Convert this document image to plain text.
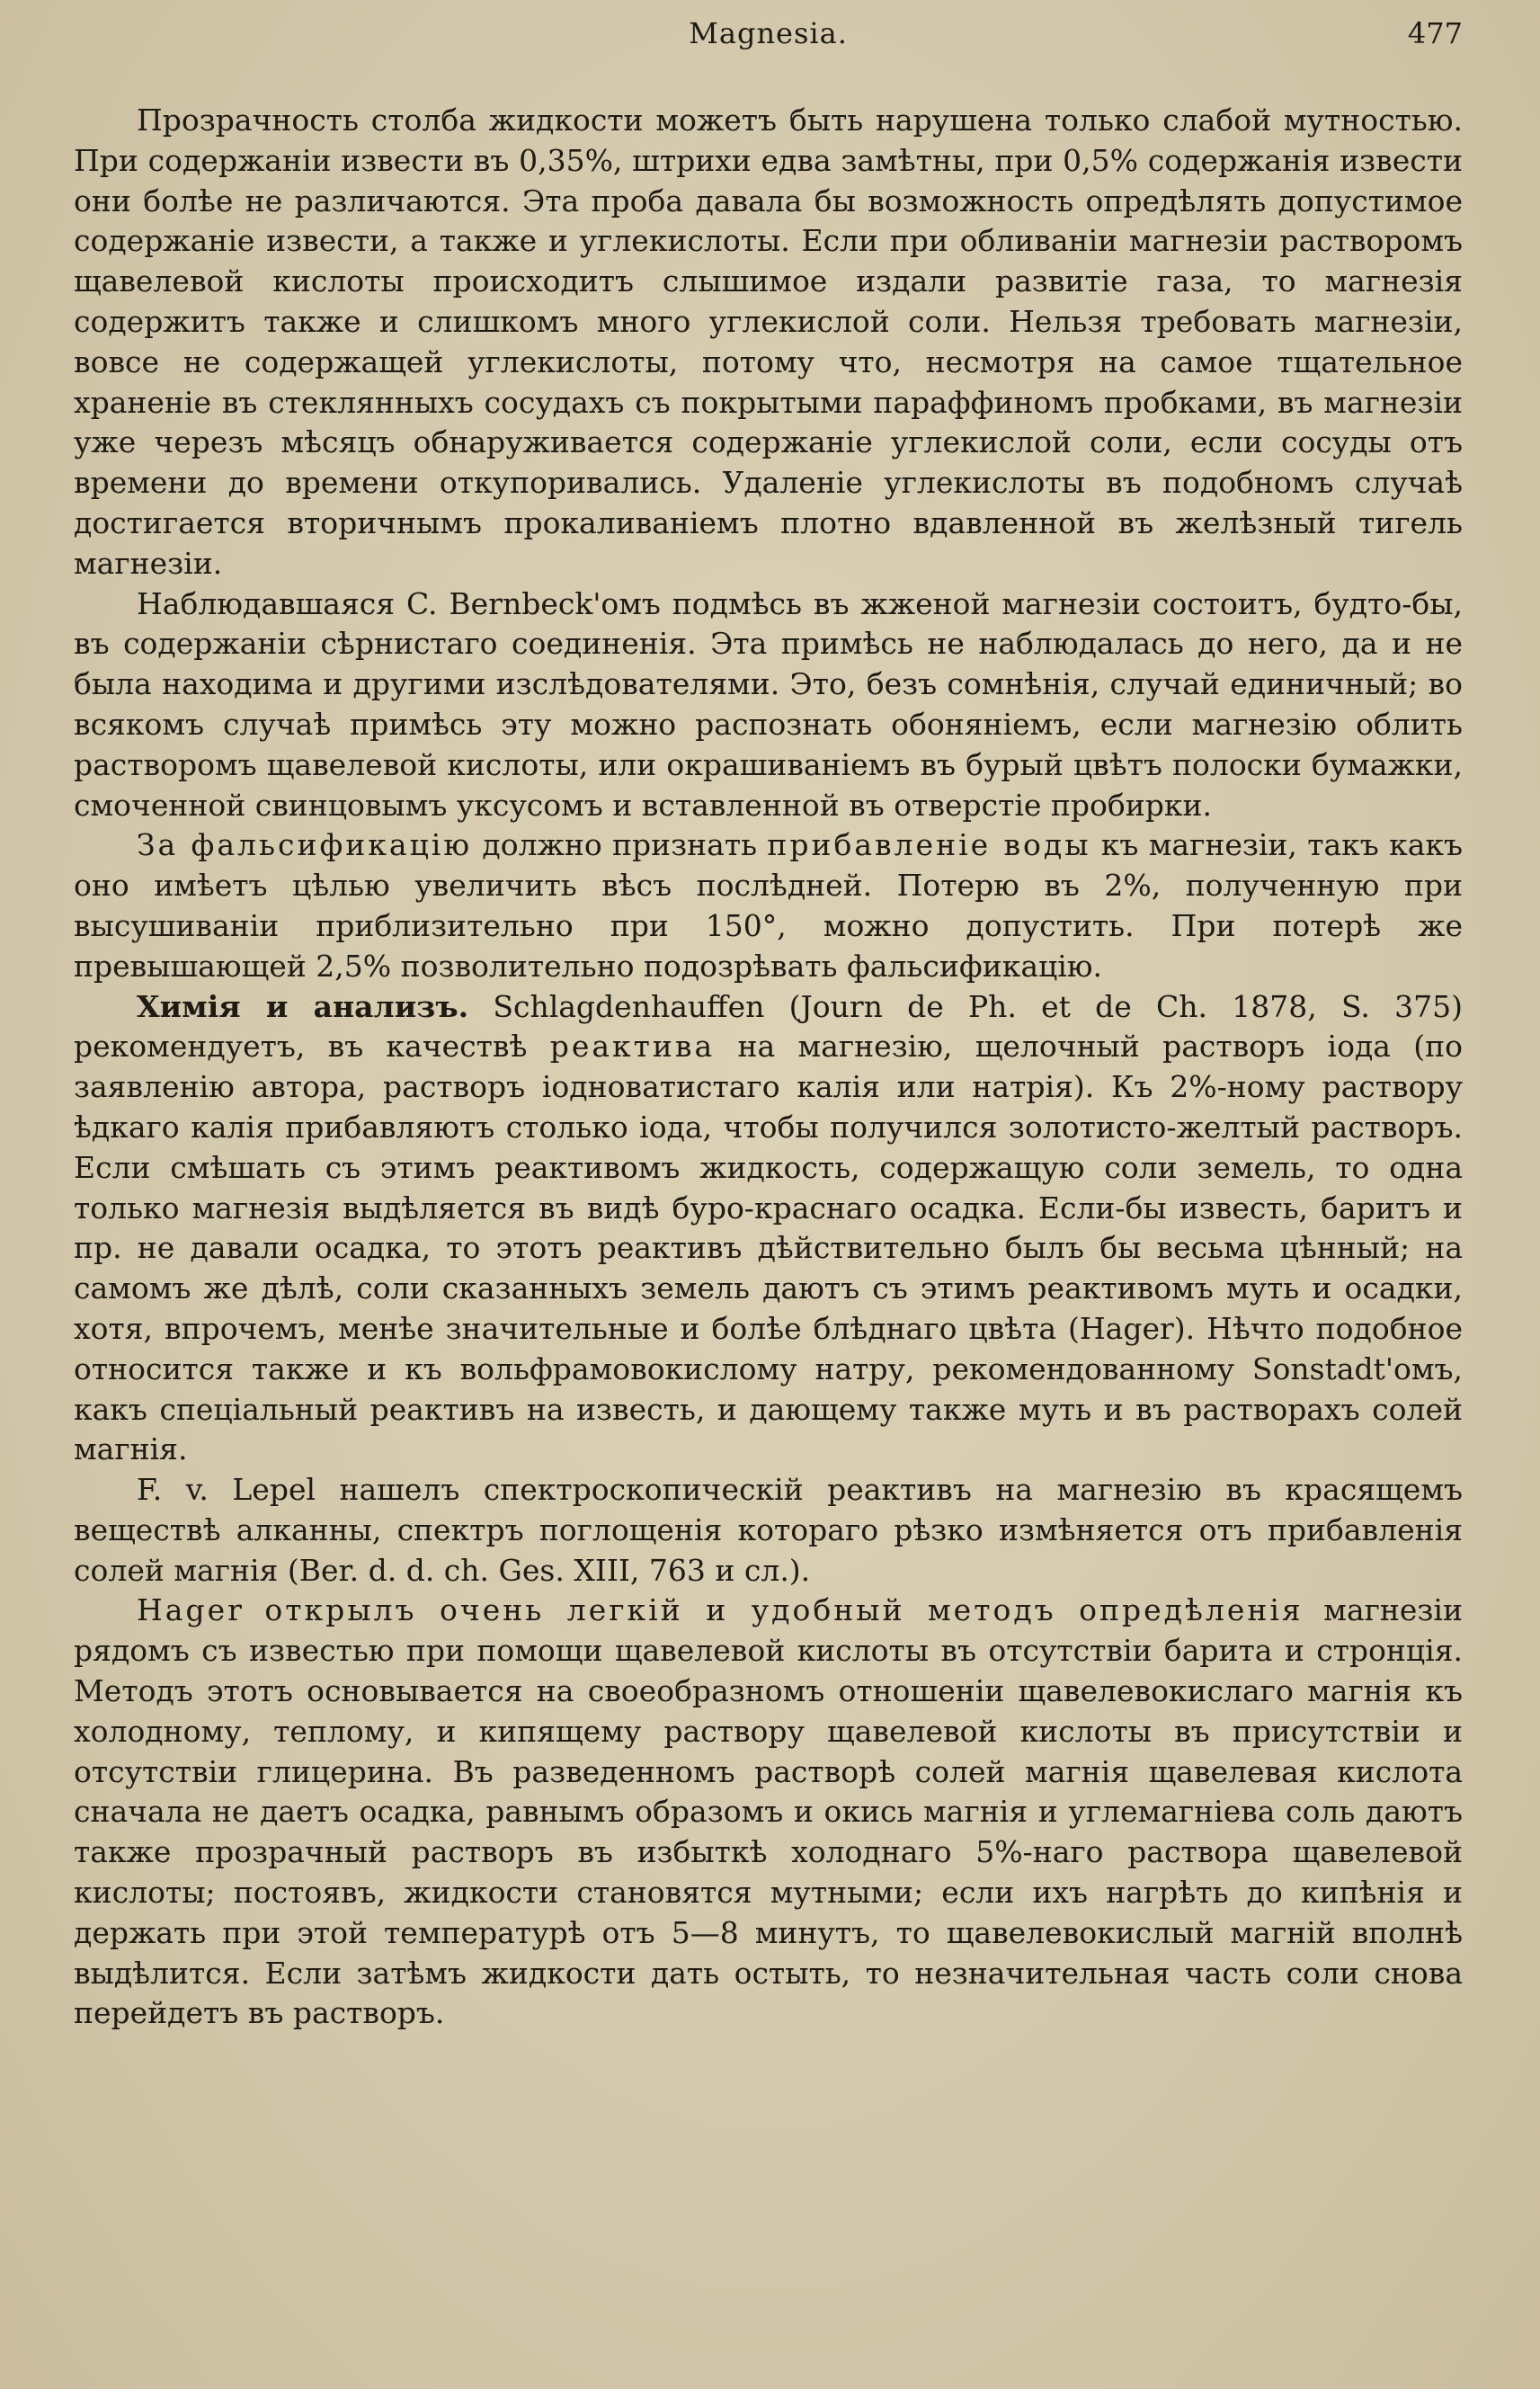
Magnesia.	477

Прозрачность столба жидкости можетъ быть нарушена только слабой мутностью. При содержаніи извести въ 0,35%, штрихи едва замѣтны, при 0,5% содержанія извести они болѣе не различаются. Эта проба давала бы возможность опредѣлять допустимое содержаніе извести, а также и углекислоты. Если при обливаніи магнезіи растворомъ щавелевой кислоты происходитъ слышимое издали развитіе газа, то магнезія содержитъ также и слишкомъ много углекислой соли. Нельзя требовать магнезіи, вовсе не содержащей углекислоты, потому что, несмотря на самое тщательное храненіе въ стеклянныхъ сосудахъ съ покрытыми параффиномъ пробками, въ магнезіи уже черезъ мѣсяцъ обнаруживается содержаніе углекислой соли, если сосуды отъ времени до времени откупоривались. Удаленіе углекислоты въ подобномъ случаѣ достигается вторичнымъ прокаливаніемъ плотно вдавленной въ желѣзный тигель магнезіи.

Наблюдавшаяся C. Bernbeck'омъ подмѣсь въ жженой магнезіи состоитъ, будто-бы, въ содержаніи сѣрнистаго соединенія. Эта примѣсь не наблюдалась до него, да и не была находима и другими изслѣдователями. Это, безъ сомнѣнія, случай единичный; во всякомъ случаѣ примѣсь эту можно распознать обоняніемъ, если магнезію облить растворомъ щавелевой кислоты, или окрашиваніемъ въ бурый цвѣтъ полоски бумажки, смоченной свинцовымъ уксусомъ и вставленной въ отверстіе пробирки.

За фальсификацію должно признать прибавленіе воды къ магнезіи, такъ какъ оно имѣетъ цѣлью увеличить вѣсъ послѣдней. Потерю въ 2%, полученную при высушиваніи приблизительно при 150°, можно допустить. При потерѣ же превышающей 2,5% позволительно подозрѣвать фальсификацію.

Химія и анализъ. Schlagdenhauffen (Journ de Ph. et de Ch. 1878, S. 375) рекомендуетъ, въ качествѣ реактива на магнезію, щелочный растворъ іода (по заявленію автора, растворъ іодноватистаго калія или натрія). Къ 2%-ному раствору ѣдкаго калія прибавляютъ столько іода, чтобы получился золотисто-желтый растворъ. Если смѣшать съ этимъ реактивомъ жидкость, содержащую соли земель, то одна только магнезія выдѣляется въ видѣ буро-краснаго осадка. Если-бы известь, баритъ и пр. не давали осадка, то этотъ реактивъ дѣйствительно былъ бы весьма цѣнный; на самомъ же дѣлѣ, соли сказанныхъ земель даютъ съ этимъ реактивомъ муть и осадки, хотя, впрочемъ, менѣе значительные и болѣе блѣднаго цвѣта (Hager). Нѣчто подобное относится также и къ вольфрамовокислому натру, рекомендованному Sonstadt'омъ, какъ спеціальный реактивъ на известь, и дающему также муть и въ растворахъ солей магнія.

F. v. Lepel нашелъ спектроскопическій реактивъ на магнезію въ красящемъ веществѣ алканны, спектръ поглощенія котораго рѣзко измѣняется отъ прибавленія солей магнія (Ber. d. d. ch. Ges. XIII, 763 и сл.).

Hager открылъ очень легкій и удобный методъ опредѣленія магнезіи рядомъ съ известью при помощи щавелевой кислоты въ отсутствіи барита и стронція. Методъ этотъ основывается на своеобразномъ отношеніи щавелевокислаго магнія къ холодному, теплому, и кипящему раствору щавелевой кислоты въ присутствіи и отсутствіи глицерина. Въ разведенномъ растворѣ солей магнія щавелевая кислота сначала не даетъ осадка, равнымъ образомъ и окись магнія и углемагніева соль даютъ также прозрачный растворъ въ избыткѣ холоднаго 5%-наго раствора щавелевой кислоты; постоявъ, жидкости становятся мутными; если ихъ нагрѣть до кипѣнія и держать при этой температурѣ отъ 5—8 минутъ, то щавелевокислый магній вполнѣ выдѣлится. Если затѣмъ жидкости дать остыть, то незначительная часть соли снова перейдетъ въ растворъ.
